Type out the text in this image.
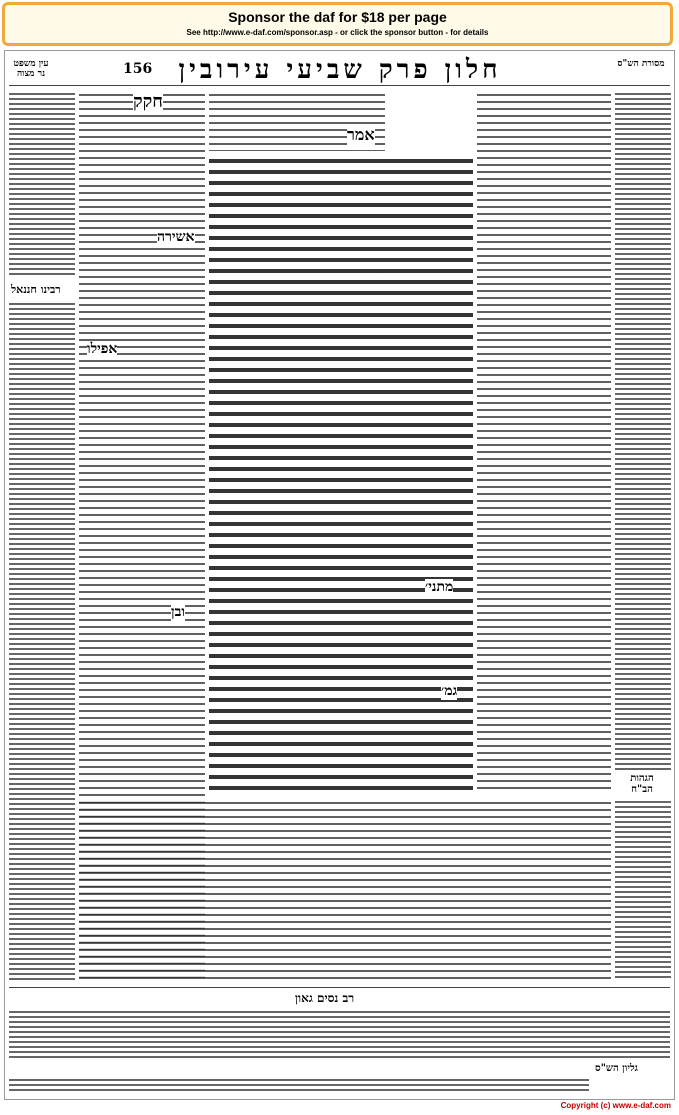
Sponsor the daf for $18 per page
See http://www.e-daf.com/sponsor.asp - or click the sponsor button - for details
עין משפט נר מצוה	156	חלון פרק שביעי עירובין	מסורת הש"ס
רבינו חננאל
חקק
אשירה
אפילו
ובן
אמר
מתני׳
גמ׳
הגהות הב"ח
רב נסים גאון
גליון הש"ס
Copyright (c) www.e-daf.com
